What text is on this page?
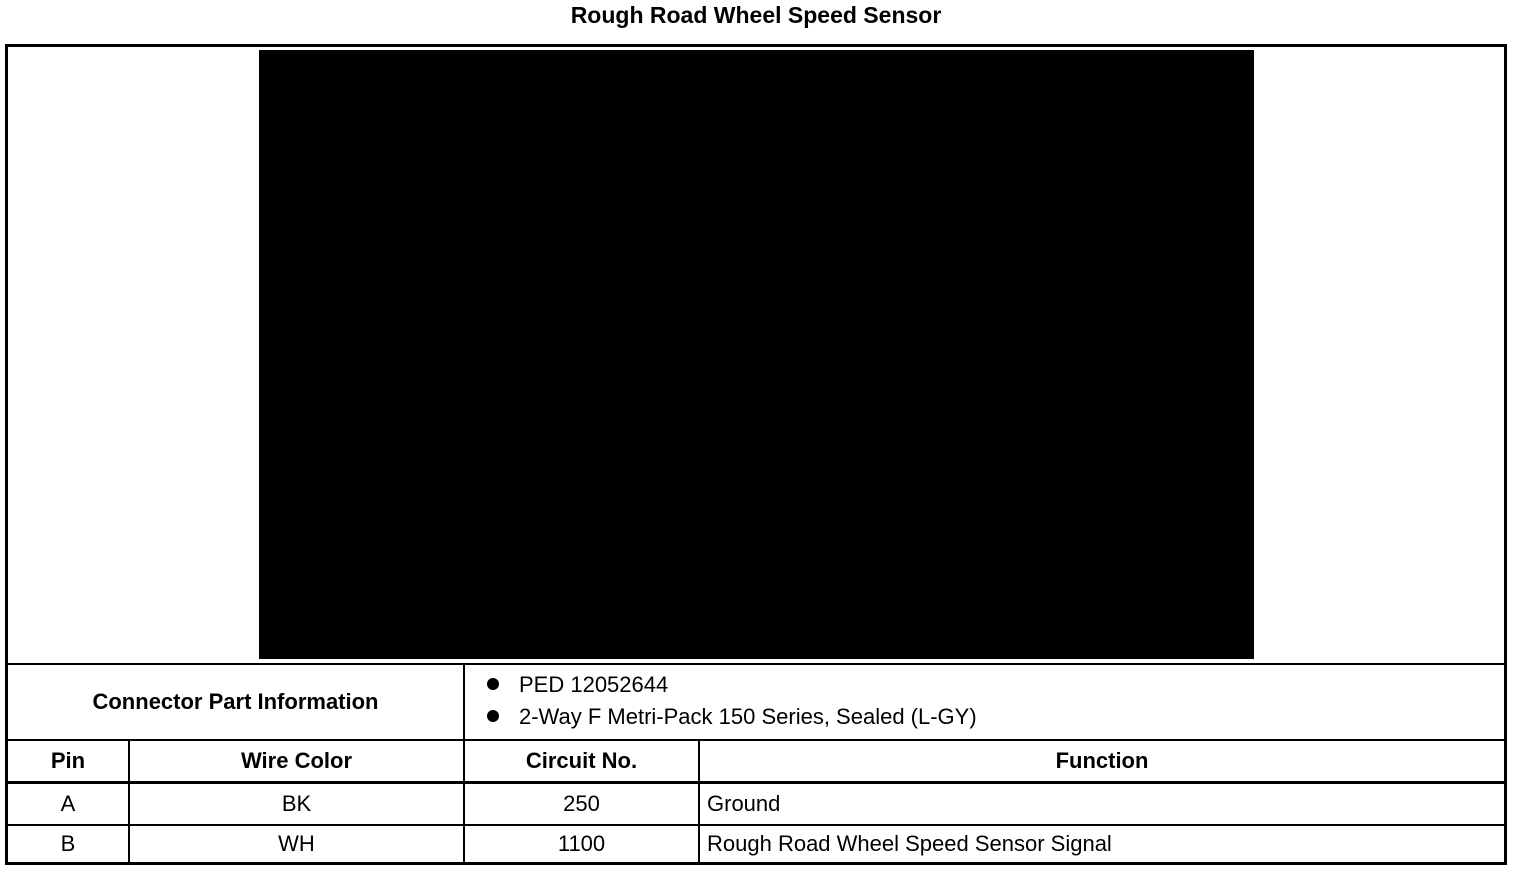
Rough Road Wheel Speed Sensor
Connector Part Information
PED 12052644
2-Way F Metri-Pack 150 Series, Sealed (L-GY)
Pin	Wire Color	Circuit No.	Function
A	BK	250	Ground
B	WH	1100	Rough Road Wheel Speed Sensor Signal
